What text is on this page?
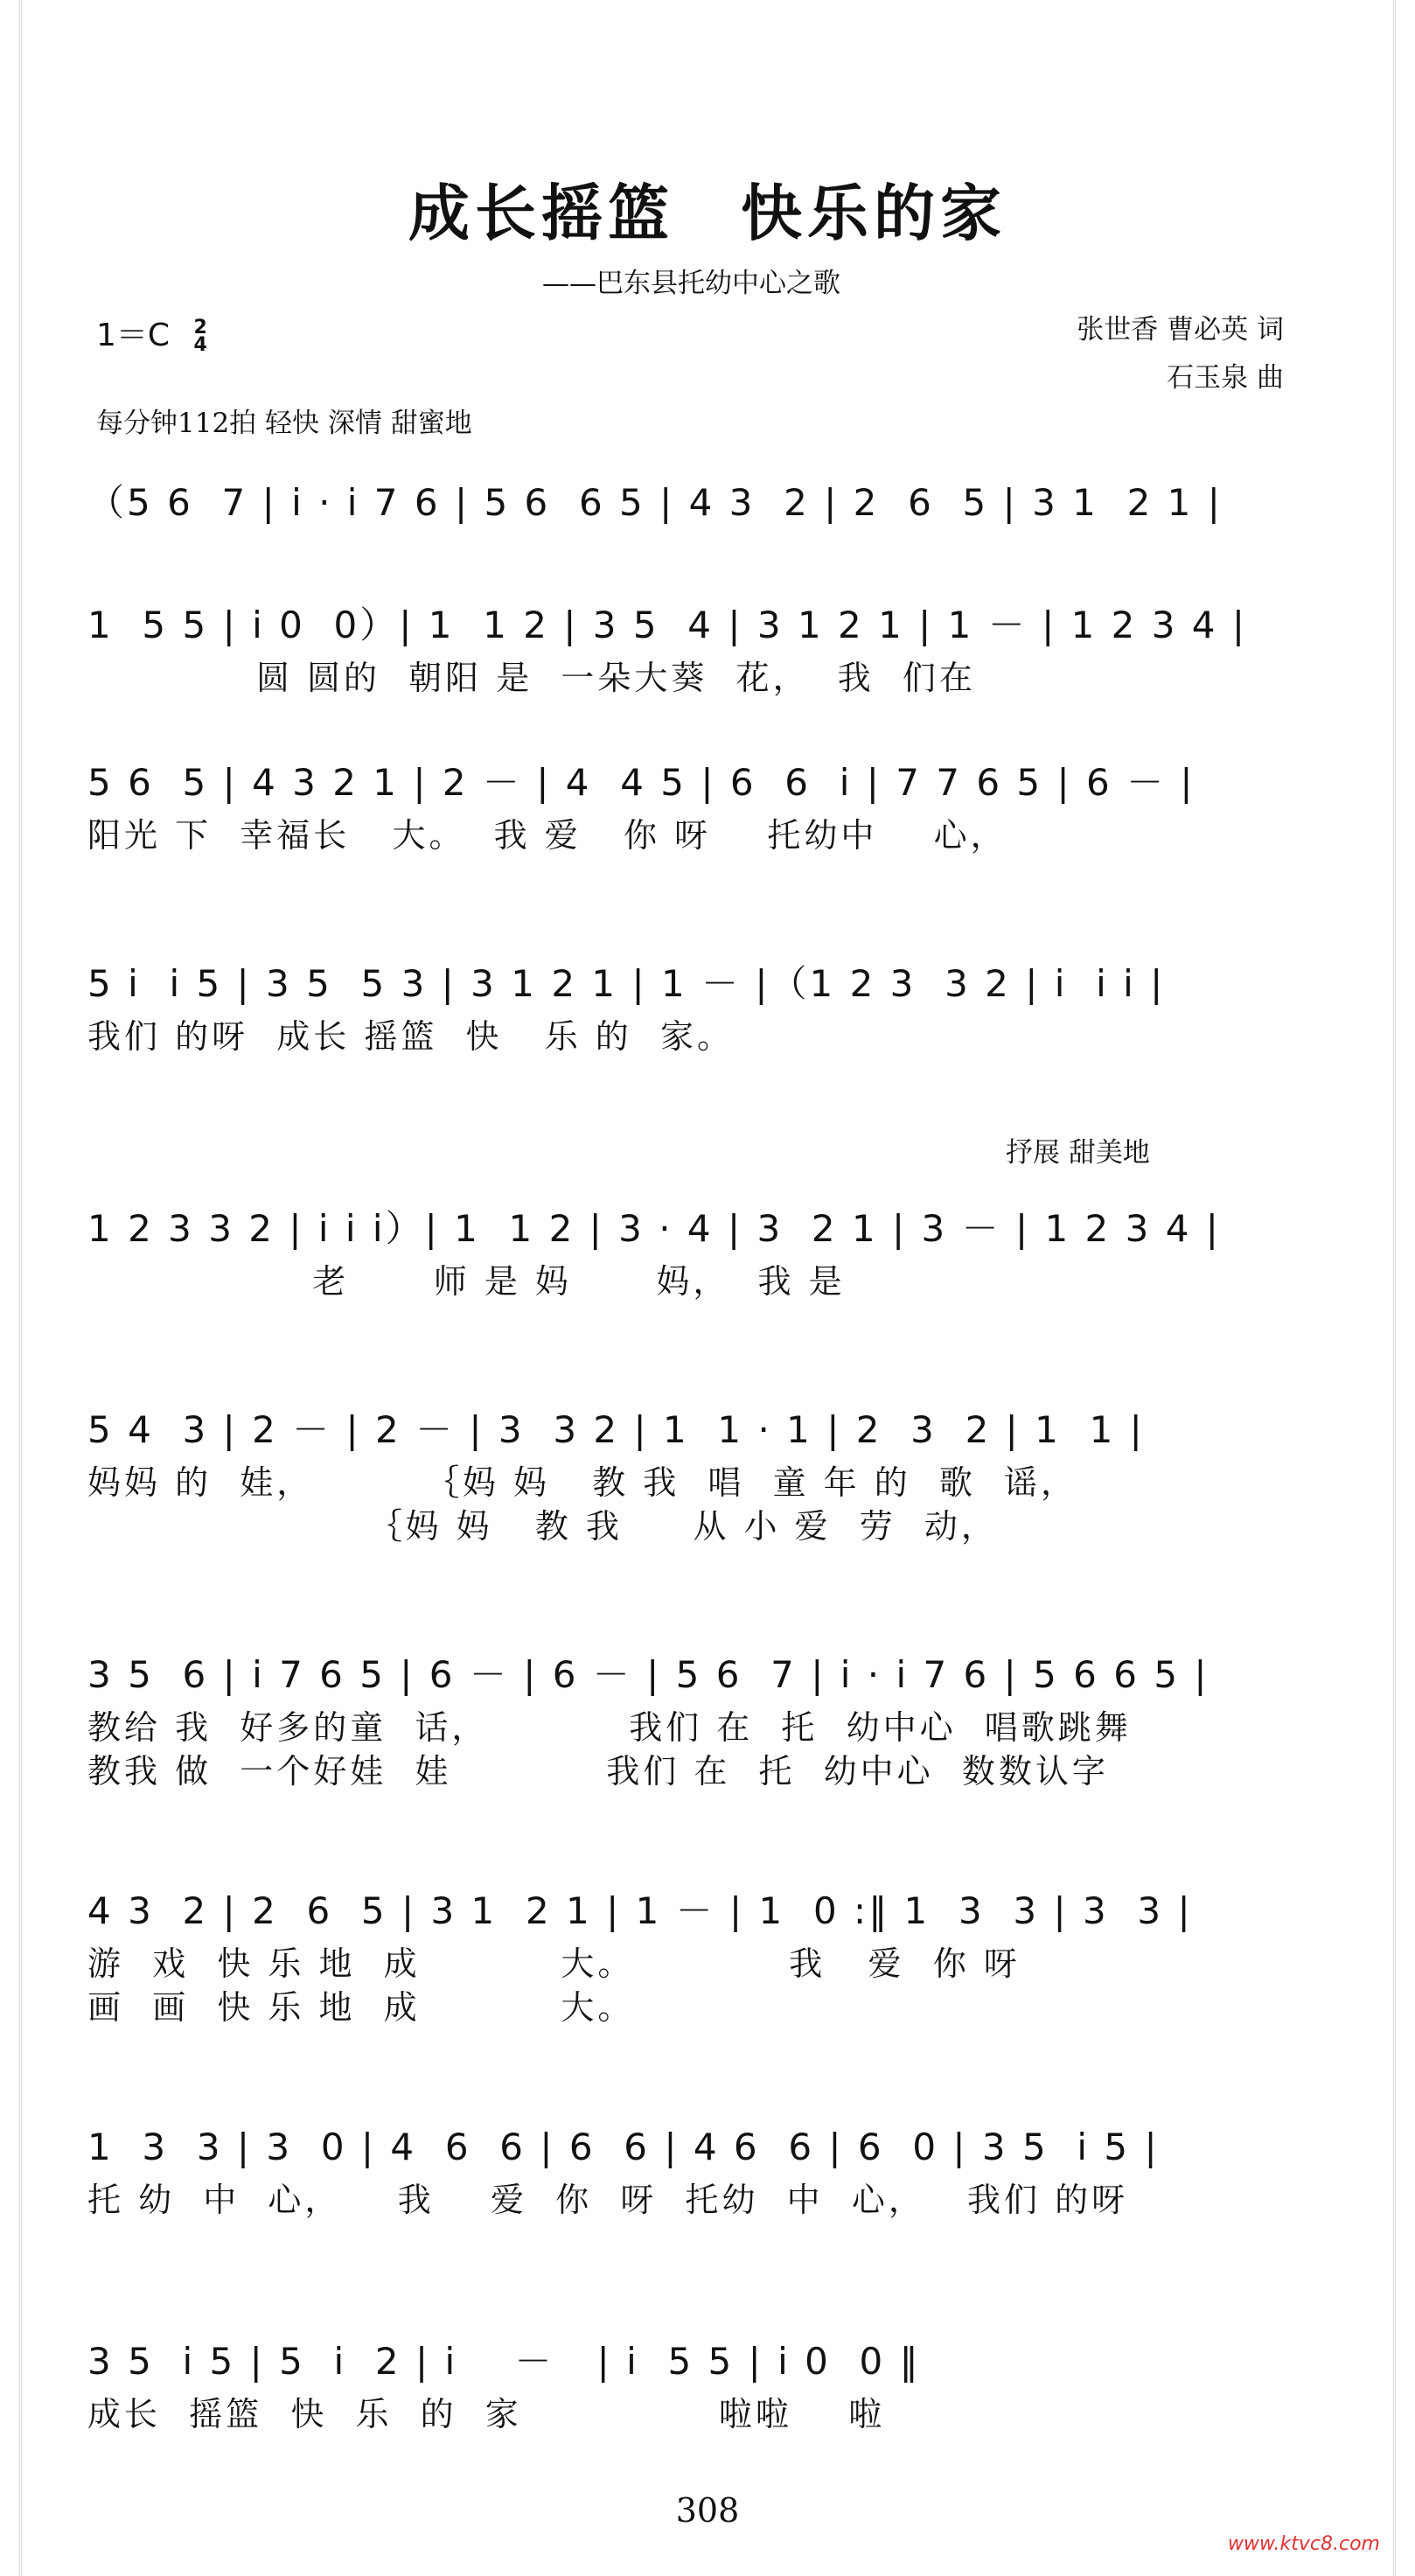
成长摇篮　快乐的家
——巴东县托幼中心之歌
1＝C 2
4	张世香 曹必英 词
石玉泉 曲
每分钟112拍 轻快 深情 甜蜜地
抒展 甜美地
（5 6  7 | i · i 7 6 | 5 6  6 5 | 4 3  2 | 2  6  5 | 3 1  2 1 |
1  5 5 | i 0  0）| 1  1 2 | 3 5  4 | 3 1 2 1 | 1 － | 1 2 3 4 |
圆 圆的  朝阳 是  一朵大葵  花，  我  们在
5 6  5 | 4 3 2 1 | 2 － | 4  4 5 | 6  6  i | 7 7 6 5 | 6 － |
阳光 下  幸福长   大。  我 爱   你 呀    托幼中    心，
5 i  i 5 | 3 5  5 3 | 3 1 2 1 | 1 － |（1 2 3  3 2 | i  i i |
我们 的呀  成长 摇篮  快   乐 的  家。
1 2 3 3 2 | i i i）| 1  1 2 | 3 · 4 | 3  2 1 | 3 － | 1 2 3 4 |
老      师 是 妈      妈，  我 是
5 4  3 | 2 － | 2 － | 3  3 2 | 1  1 · 1 | 2  3  2 | 1  1 |
妈妈 的  娃，        ｛妈 妈   教 我  唱  童 年 的  歌  谣，
｛妈 妈   教 我     从 小 爱  劳  动，
3 5  6 | i 7 6 5 | 6 － | 6 － | 5 6  7 | i · i 7 6 | 5 6 6 5 |
教给 我  好多的童  话，          我们 在  托  幼中心  唱歌跳舞
教我 做  一个好娃  娃           我们 在  托  幼中心  数数认字
4 3  2 | 2  6  5 | 3 1  2 1 | 1 － | 1  0 :‖ 1  3  3 | 3  3 |
游  戏  快 乐 地  成          大。           我   爱  你 呀
画  画  快 乐 地  成          大。
1  3  3 | 3  0 | 4  6  6 | 6  6 | 4 6  6 | 6  0 | 3 5  i 5 |
托 幼  中  心，    我    爱  你  呀  托幼  中  心，   我们 的呀
3 5  i 5 | 5  i  2 | i    －   | i  5 5 | i 0  0 ‖
成长  摇篮  快  乐  的  家              啦啦    啦
308
www.ktvc8.com
